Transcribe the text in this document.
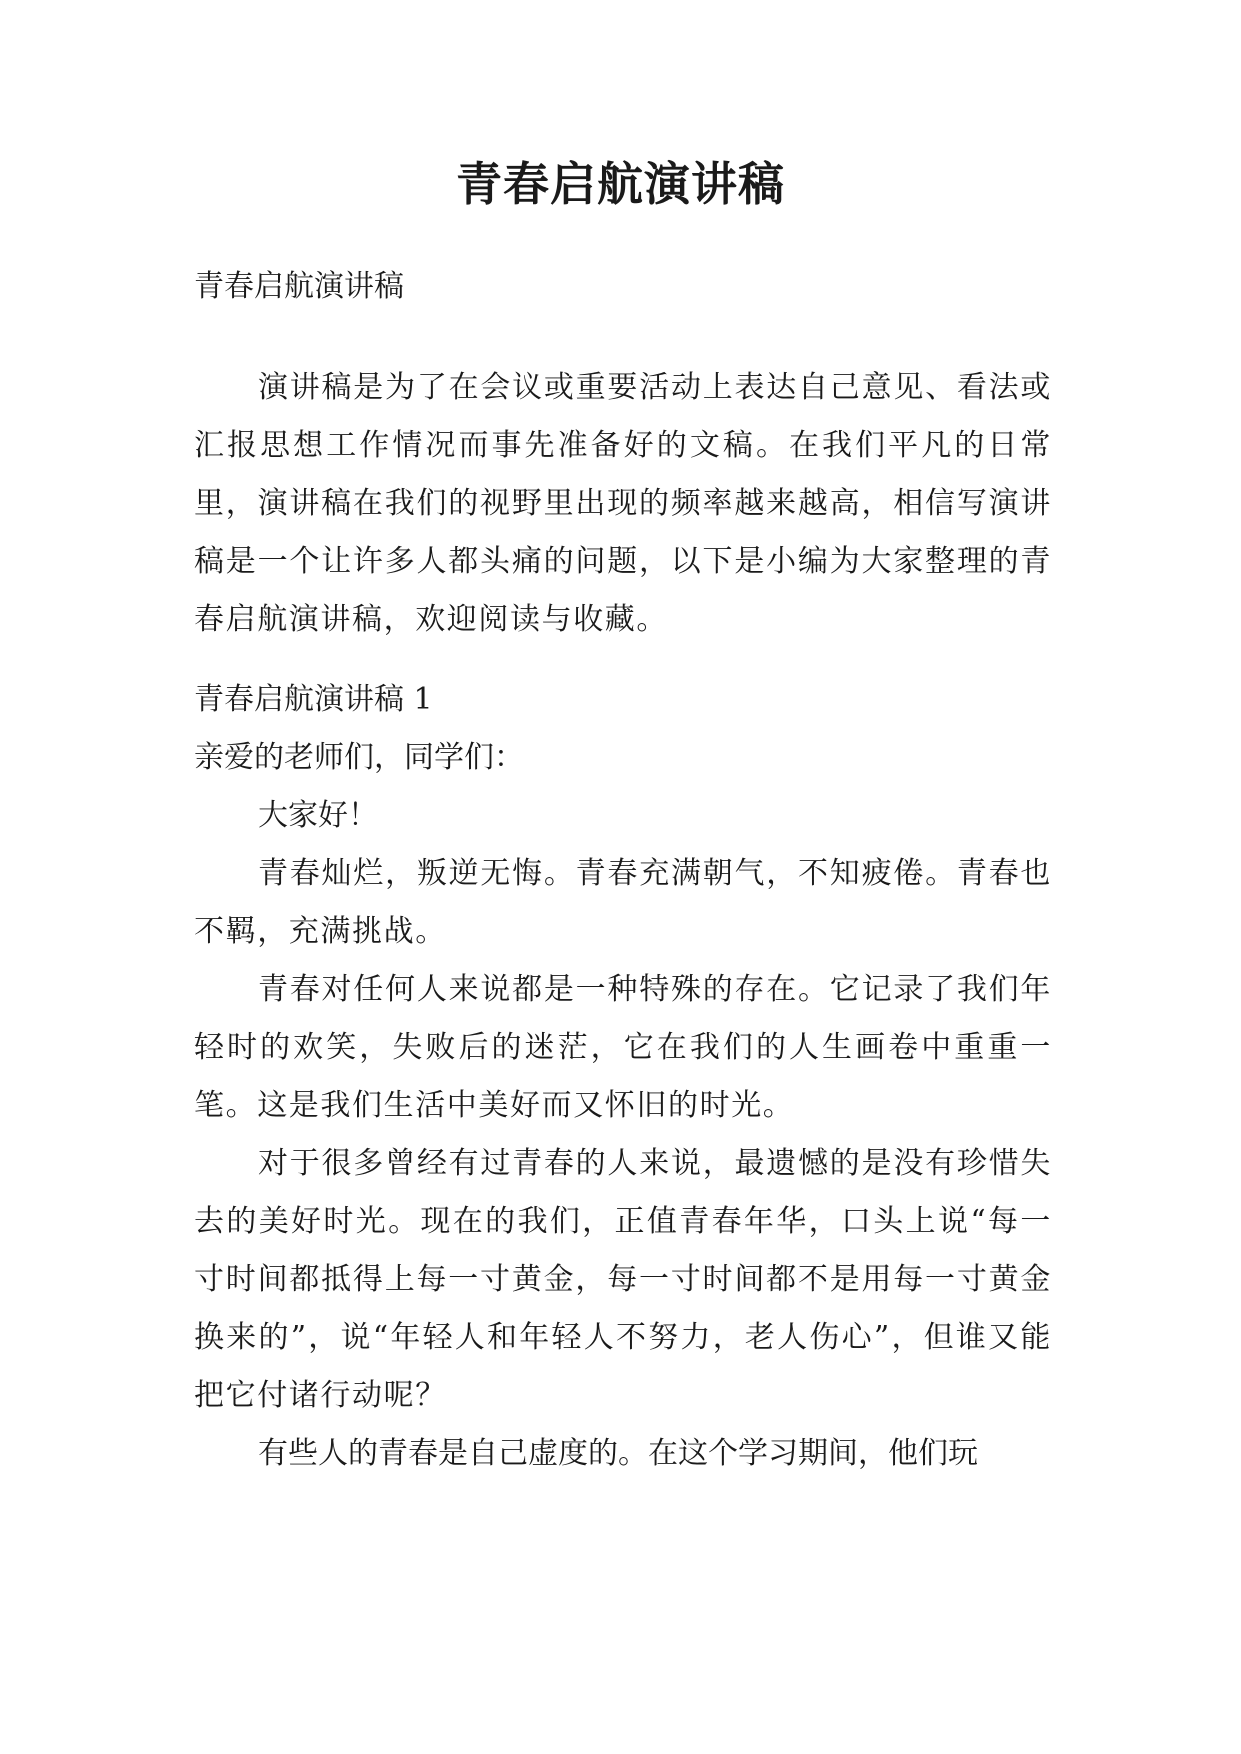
青春启航演讲稿
青春启航演讲稿
演讲稿是为了在会议或重要活动上表达自己意见、看法或汇报思想工作情况而事先准备好的文稿。在我们平凡的日常里，演讲稿在我们的视野里出现的频率越来越高，相信写演讲稿是一个让许多人都头痛的问题，以下是小编为大家整理的青春启航演讲稿，欢迎阅读与收藏。
青春启航演讲稿 1
亲爱的老师们，同学们：
大家好！
青春灿烂，叛逆无悔。青春充满朝气，不知疲倦。青春也不羁，充满挑战。
青春对任何人来说都是一种特殊的存在。它记录了我们年轻时的欢笑，失败后的迷茫，它在我们的人生画卷中重重一笔。这是我们生活中美好而又怀旧的时光。
对于很多曾经有过青春的人来说，最遗憾的是没有珍惜失去的美好时光。现在的我们，正值青春年华，口头上说“每一寸时间都抵得上每一寸黄金，每一寸时间都不是用每一寸黄金换来的”，说“年轻人和年轻人不努力，老人伤心”，但谁又能把它付诸行动呢？
有些人的青春是自己虚度的。在这个学习期间，他们玩
